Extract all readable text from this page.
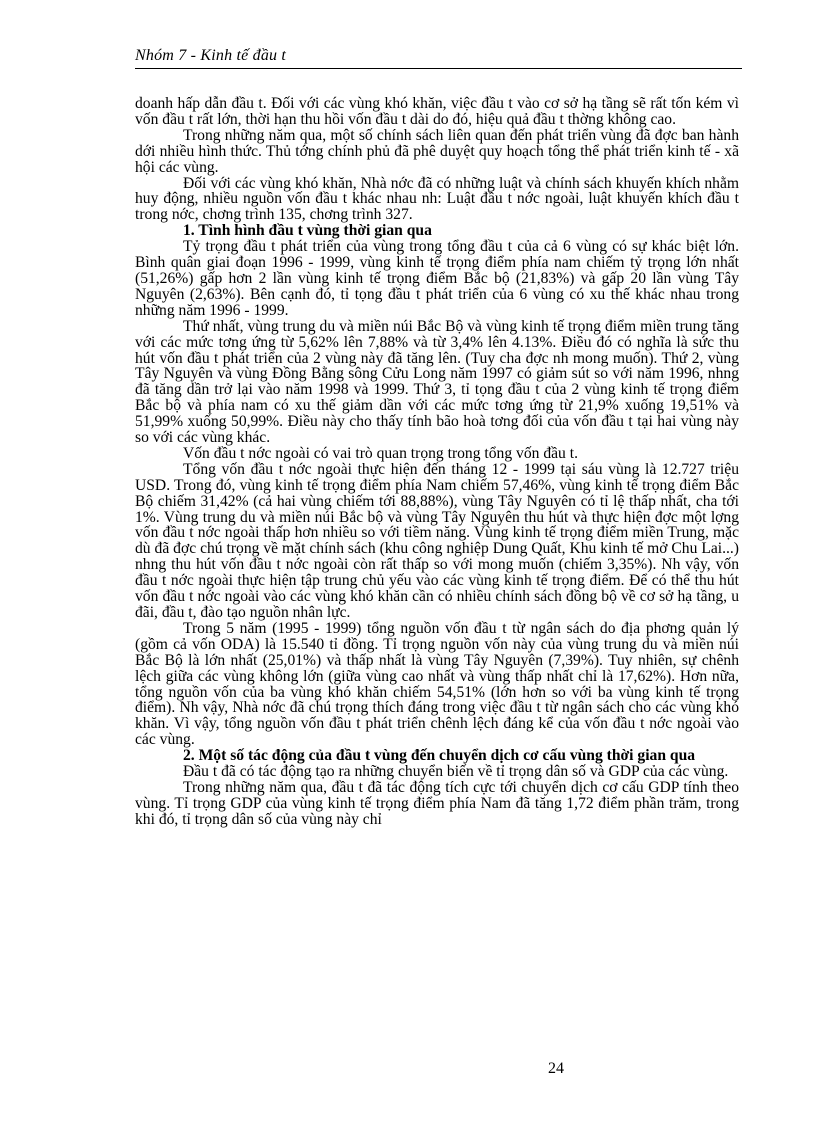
Nhóm 7 - Kinh tế đầu t

doanh hấp dẫn đầu t. Đối với các vùng khó khăn, việc đầu t vào cơ sở hạ tầng sẽ rất tốn kém vì vốn đầu t rất lớn, thời hạn thu hồi vốn đầu t dài do đó, hiệu quả đầu t thờng không cao.

Trong những năm qua, một số chính sách liên quan đến phát triển vùng đã đợc ban hành dới nhiều hình thức. Thủ tớng chính phủ đã phê duyệt quy hoạch tổng thể phát triển kinh tế - xã hội các vùng.

Đối với các vùng khó khăn, Nhà nớc đã có những luật và chính sách khuyến khích nhằm huy động, nhiều nguồn vốn đầu t khác nhau nh: Luật đầu t nớc ngoài, luật khuyến khích đầu t trong nớc, chơng trình 135, chơng trình 327.

1. Tình hình đầu t vùng thời gian qua

Tỷ trọng đầu t phát triển của vùng trong tổng đầu t của cả 6 vùng có sự khác biệt lớn. Bình quân giai đoạn 1996 - 1999, vùng kinh tế trọng điểm phía nam chiếm tỷ trọng lớn nhất (51,26%) gấp hơn 2 lần vùng kinh tế trọng điểm Bắc bộ (21,83%) và gấp 20 lần vùng Tây Nguyên (2,63%). Bên cạnh đó, tỉ tọng đầu t phát triển của 6 vùng có xu thế khác nhau trong những năm 1996 - 1999.

Thứ nhất, vùng trung du và miền núi Bắc Bộ và vùng kinh tế trọng điểm miền trung tăng với các mức tơng ứng từ 5,62% lên 7,88% và từ 3,4% lên 4.13%. Điều đó có nghĩa là sức thu hút vốn đầu t phát triển của 2 vùng này đã tăng lên. (Tuy cha đợc nh mong muốn). Thứ 2, vùng Tây Nguyên và vùng Đồng Bằng sông Cửu Long năm 1997 có giảm sút so với năm 1996, nhng đã tăng dần trở lại vào năm 1998 và 1999. Thứ 3, tỉ tọng đầu t của 2 vùng kinh tế trọng điểm Bắc bộ và phía nam có xu thế giảm dần với các mức tơng ứng từ 21,9% xuống 19,51% và 51,99% xuống 50,99%. Điều này cho thấy tính bão hoà tơng đối của vốn đầu t tại hai vùng này so với các vùng khác.

Vốn đầu t nớc ngoài có vai trò quan trọng trong tổng vốn đầu t.

Tổng vốn đầu t nớc ngoài thực hiện đến tháng 12 - 1999 tại sáu vùng là 12.727 triệu USD. Trong đó, vùng kinh tế trọng điểm phía Nam chiếm 57,46%, vùng kinh tế trọng điểm Bắc Bộ chiếm 31,42% (cả hai vùng chiếm tới 88,88%), vùng Tây Nguyên có tỉ lệ thấp nhất, cha tới 1%. Vùng trung du và miền núi Bắc bộ và vùng Tây Nguyên thu hút và thực hiện đợc một lợng vốn đầu t nớc ngoài thấp hơn nhiều so với tiềm năng. Vùng kinh tế trọng điểm miền Trung, mặc dù đã đợc chú trọng về mặt chính sách (khu công nghiệp Dung Quất, Khu kinh tế mở Chu Lai...) nhng thu hút vốn đầu t nớc ngoài còn rất thấp so với mong muốn (chiếm 3,35%). Nh vậy, vốn đầu t nớc ngoài thực hiện tập trung chủ yếu vào các vùng kinh tế trọng điểm. Để có thể thu hút vốn đầu t nớc ngoài vào các vùng khó khăn cần có nhiều chính sách đồng bộ về cơ sở hạ tầng, u đãi, đầu t, đào tạo nguồn nhân lực.

Trong 5 năm (1995 - 1999) tổng nguồn vốn đầu t từ ngân sách do địa phơng quản lý (gồm cả vốn ODA) là 15.540 tỉ đồng. Tỉ trọng nguồn vốn này của vùng trung du và miền núi Bắc Bộ là lớn nhất (25,01%) và thấp nhất là vùng Tây Nguyên (7,39%). Tuy nhiên, sự chênh lệch giữa các vùng không lớn (giữa vùng cao nhất và vùng thấp nhất chỉ là 17,62%). Hơn nữa, tổng nguồn vốn của ba vùng khó khăn chiếm 54,51% (lớn hơn so với ba vùng kinh tế trọng điểm). Nh vậy, Nhà nớc đã chú trọng thích đáng trong việc đầu t từ ngân sách cho các vùng khó khăn. Vì vậy, tổng nguồn vốn đầu t phát triển chênh lệch đáng kể của vốn đầu t nớc ngoài vào các vùng.

2. Một số tác động của đầu t vùng đến chuyển dịch cơ cấu vùng thời gian qua

Đầu t đã có tác động tạo ra những chuyển biến về tỉ trọng dân số và GDP của các vùng.

Trong những năm qua, đầu t đã tác động tích cực tới chuyển dịch cơ cấu GDP tính theo vùng. Tỉ trọng GDP của vùng kinh tế trọng điểm phía Nam đã tăng 1,72 điểm phần trăm, trong khi đó, tỉ trọng dân số của vùng này chỉ

24
